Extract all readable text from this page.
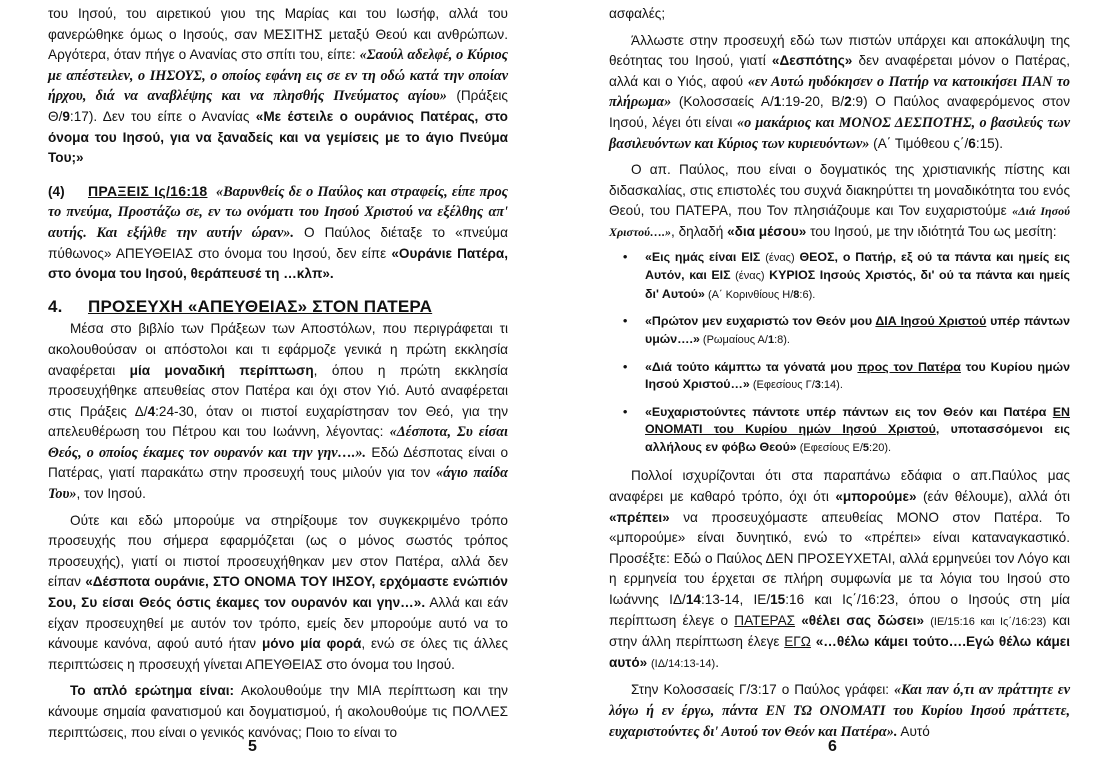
του Ιησού, του αιρετικού γιου της Μαρίας και του Ιωσήφ, αλλά του φανερώθηκε όμως ο Ιησούς, σαν ΜΕΣΙΤΗΣ μεταξύ Θεού και ανθρώπων. Αργότερα, όταν πήγε ο Ανανίας στο σπίτι του, είπε: «Σαούλ αδελφέ, ο Κύριος με απέστειλεν, ο ΙΗΣΟΥΣ, ο οποίος εφάνη εις σε εν τη οδώ κατά την οποίαν ήρχου, διά να αναβλέψης και να πλησθής Πνεύματος αγίου» (Πράξεις Θ/9:17). Δεν του είπε ο Ανανίας «Με έστειλε ο ουράνιος Πατέρας, στο όνομα του Ιησού, για να ξαναδείς και να γεμίσεις με το άγιο Πνεύμα Του;»

(4) ΠΡΑΞΕΙΣ Ις/16:18 «Βαρυνθείς δε ο Παύλος και στραφείς, είπε προς το πνεύμα, Προστάζω σε, εν τω ονόματι του Ιησού Χριστού να εξέλθης απ' αυτής. Και εξήλθε την αυτήν ώραν». Ο Παύλος διέταξε το «πνεύμα πύθωνος» ΑΠΕΥΘΕΙΑΣ στο όνομα του Ιησού, δεν είπε «Ουράνιε Πατέρα, στο όνομα του Ιησού, θεράπευσέ τη …κλπ».

4. ΠΡΟΣΕΥΧΗ «ΑΠΕΥΘΕΙΑΣ» ΣΤΟΝ ΠΑΤΕΡΑ

Μέσα στο βιβλίο των Πράξεων των Αποστόλων, που περιγράφεται τι ακολουθούσαν οι απόστολοι και τι εφάρμοζε γενικά η πρώτη εκκλησία αναφέρεται μία μοναδική περίπτωση, όπου η πρώτη εκκλησία προσευχήθηκε απευθείας στον Πατέρα και όχι στον Υιό. Αυτό αναφέρεται στις Πράξεις Δ/4:24-30, όταν οι πιστοί ευχαρίστησαν τον Θεό, για την απελευθέρωση του Πέτρου και του Ιωάννη, λέγοντας: «Δέσποτα, Συ είσαι Θεός, ο οποίος έκαμες τον ουρανόν και την γην….». Εδώ Δέσποτας είναι ο Πατέρας, γιατί παρακάτω στην προσευχή τους μιλούν για τον «άγιο παίδα Του», τον Ιησού.

Ούτε και εδώ μπορούμε να στηρίξουμε τον συγκεκριμένο τρόπο προσευχής που σήμερα εφαρμόζεται (ως ο μόνος σωστός τρόπος προσευχής), γιατί οι πιστοί προσευχήθηκαν μεν στον Πατέρα, αλλά δεν είπαν «Δέσποτα ουράνιε, ΣΤΟ ΟΝΟΜΑ ΤΟΥ ΙΗΣΟΥ, ερχόμαστε ενώπιόν Σου, Συ είσαι Θεός όστις έκαμες τον ουρανόν και γην…». Αλλά και εάν είχαν προσευχηθεί με αυτόν τον τρόπο, εμείς δεν μπορούμε αυτό να το κάνουμε κανόνα, αφού αυτό ήταν μόνο μία φορά, ενώ σε όλες τις άλλες περιπτώσεις η προσευχή γίνεται ΑΠΕΥΘΕΙΑΣ στο όνομα του Ιησού.

Το απλό ερώτημα είναι: Ακολουθούμε την ΜΙΑ περίπτωση και την κάνουμε σημαία φανατισμού και δογματισμού, ή ακολουθούμε τις ΠΟΛΛΕΣ περιπτώσεις, που είναι ο γενικός κανόνας; Ποιο το είναι το

5

ασφαλές;

Άλλωστε στην προσευχή εδώ των πιστών υπάρχει και αποκάλυψη της θεότητας του Ιησού, γιατί «Δεσπότης» δεν αναφέρεται μόνον ο Πατέρας, αλλά και ο Υιός, αφού «εν Αυτώ ηυδόκησεν ο Πατήρ να κατοικήσει ΠΑΝ το πλήρωμα» (Κολοσσαείς Α/1:19-20, Β/2:9) Ο Παύλος αναφερόμενος στον Ιησού, λέγει ότι είναι «ο μακάριος και ΜΟΝΟΣ ΔΕΣΠΟΤΗΣ, ο βασιλεύς των βασιλευόντων και Κύριος των κυριευόντων» (Α΄ Τιμόθεου ς΄/6:15).

Ο απ. Παύλος, που είναι ο δογματικός της χριστιανικής πίστης και διδασκαλίας, στις επιστολές του συχνά διακηρύττει τη μοναδικότητα του ενός Θεού, του ΠΑΤΕΡΑ, που Τον πλησιάζουμε και Τον ευχαριστούμε «Διά Ιησού Χριστού….», δηλαδή «δια μέσου» του Ιησού, με την ιδιότητά Του ως μεσίτη:

• «Εις ημάς είναι ΕΙΣ (ένας) ΘΕΟΣ, ο Πατήρ, εξ ού τα πάντα και ημείς εις Αυτόν, και ΕΙΣ (ένας) ΚΥΡΙΟΣ Ιησούς Χριστός, δι' ού τα πάντα και ημείς δι' Αυτού» (Α΄ Κορινθίους Η/8:6).
• «Πρώτον μεν ευχαριστώ τον Θεόν μου ΔΙΑ Ιησού Χριστού υπέρ πάντων υμών….» (Ρωμαίους Α/1:8).
• «Διά τούτο κάμπτω τα γόνατά μου προς τον Πατέρα του Κυρίου ημών Ιησού Χριστού…» (Εφεσίους Γ/3:14).
• «Ευχαριστούντες πάντοτε υπέρ πάντων εις τον Θεόν και Πατέρα ΕΝ ΟΝΟΜΑΤΙ του Κυρίου ημών Ιησού Χριστού, υποτασσόμενοι εις αλλήλους εν φόβω Θεού» (Εφεσίους Ε/5:20).

Πολλοί ισχυρίζονται ότι στα παραπάνω εδάφια ο απ.Παύλος μας αναφέρει με καθαρό τρόπο, όχι ότι «μπορούμε» (εάν θέλουμε), αλλά ότι «πρέπει» να προσευχόμαστε απευθείας ΜΟΝΟ στον Πατέρα. Το «μπορούμε» είναι δυνητικό, ενώ το «πρέπει» είναι καταναγκαστικό. Προσέξτε: Εδώ ο Παύλος ΔΕΝ ΠΡΟΣΕΥΧΕΤΑΙ, αλλά ερμηνεύει τον Λόγο και η ερμηνεία του έρχεται σε πλήρη συμφωνία με τα λόγια του Ιησού στο Ιωάννης ΙΔ/14:13-14, ΙΕ/15:16 και Ις΄/16:23, όπου ο Ιησούς στη μία περίπτωση έλεγε ο ΠΑΤΕΡΑΣ «θέλει σας δώσει» (ΙΕ/15:16 και Ις΄/16:23) και στην άλλη περίπτωση έλεγε ΕΓΩ «…θέλω κάμει τούτο….Εγώ θέλω κάμει αυτό» (ΙΔ/14:13-14).

Στην Κολοσσαείς Γ/3:17 ο Παύλος γράφει: «Και παν ό,τι αν πράττητε εν λόγω ή εν έργω, πάντα ΕΝ ΤΩ ΟΝΟΜΑΤΙ του Κυρίου Ιησού πράττετε, ευχαριστούντες δι' Αυτού τον Θεόν και Πατέρα». Αυτό

6
